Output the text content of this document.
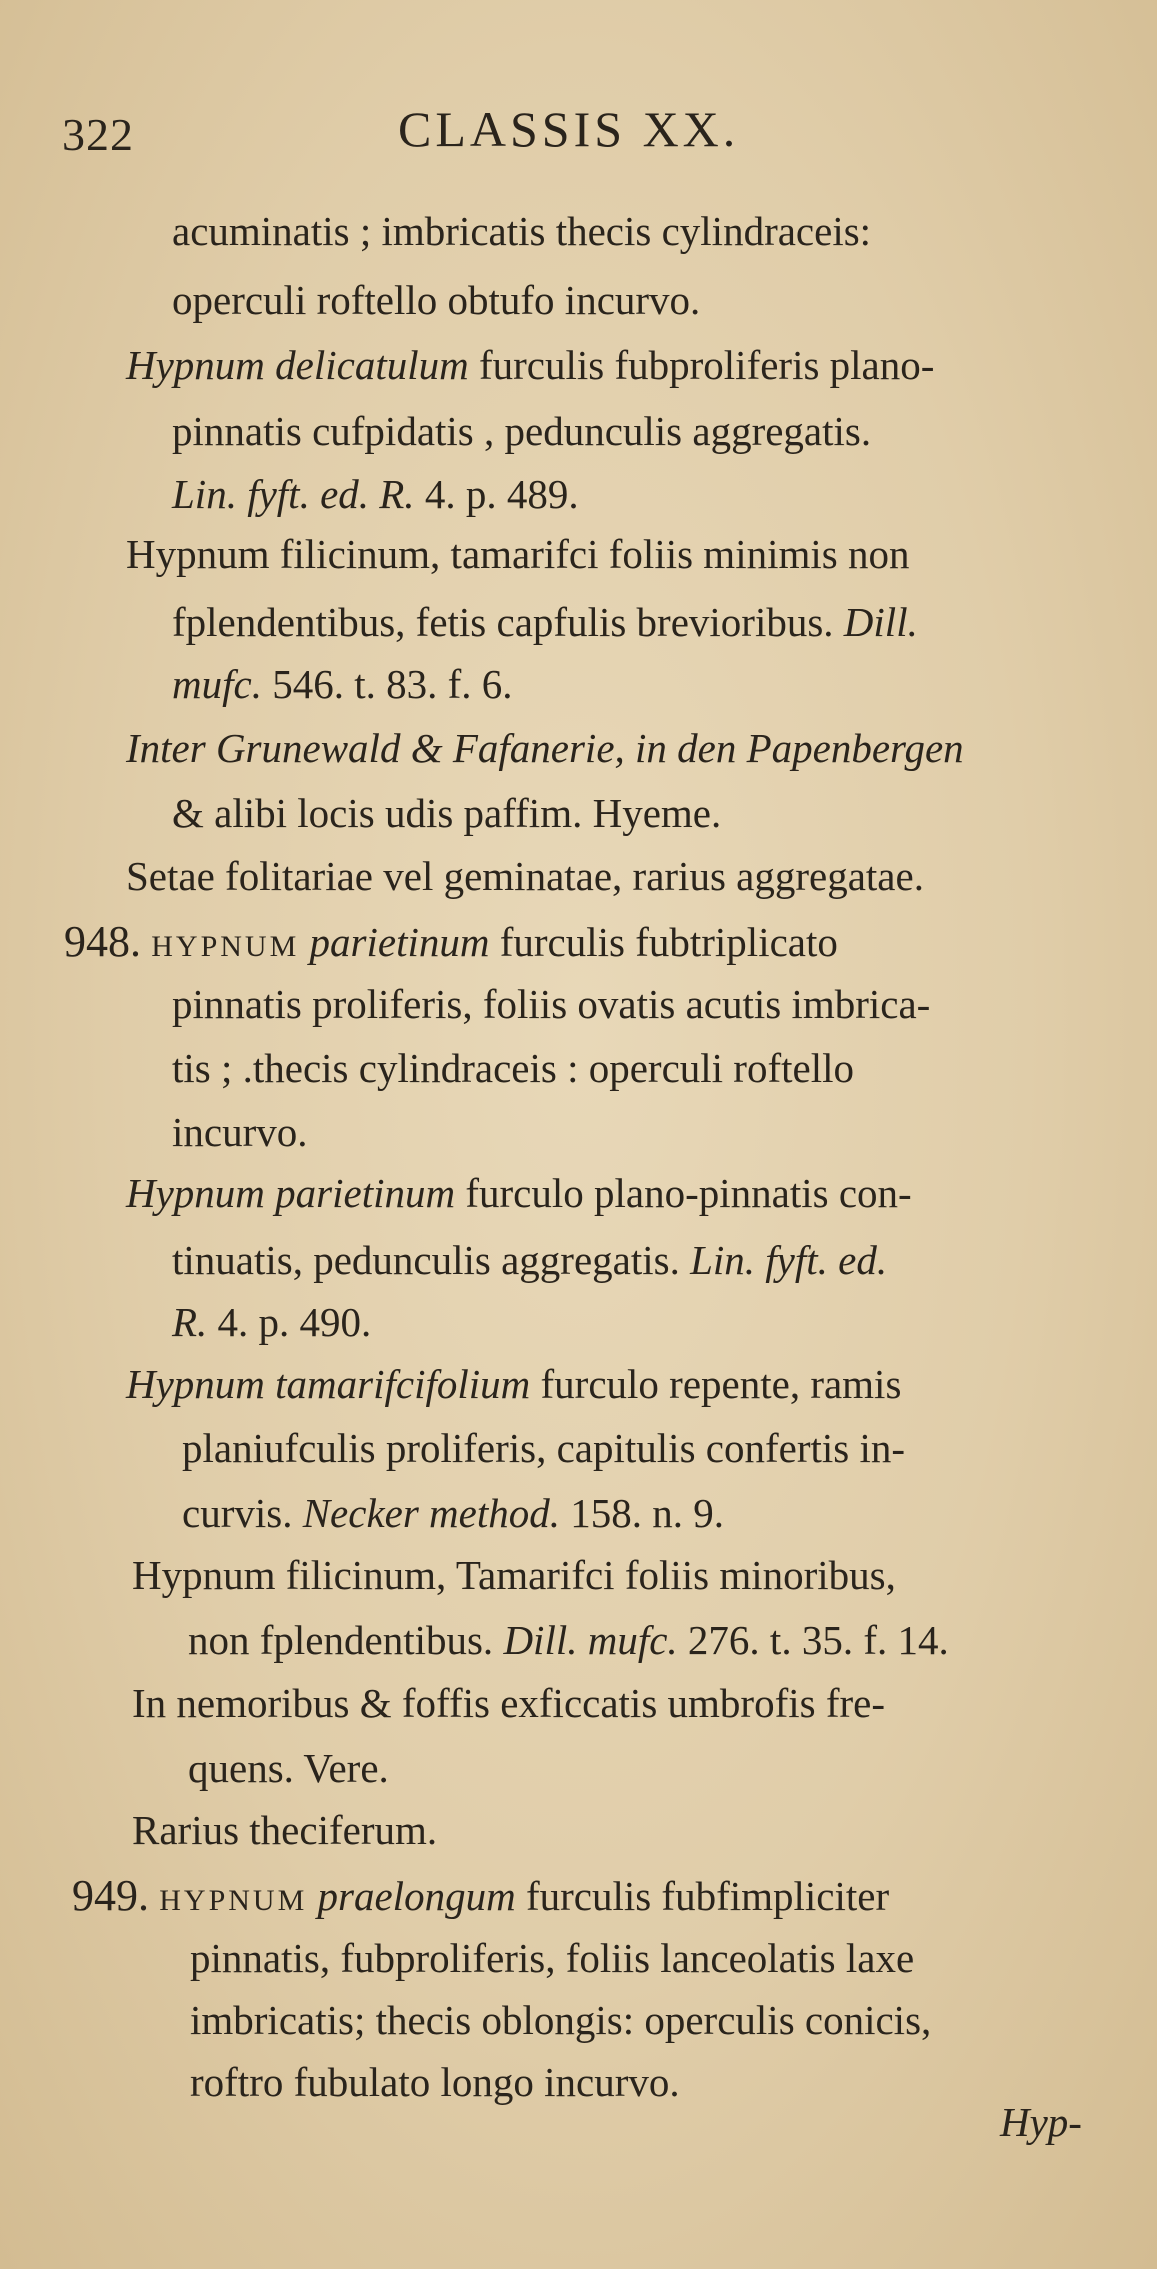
322	CLASSIS XX.
acuminatis ; imbricatis thecis cylindraceis:
operculi roftello obtufo incurvo.
Hypnum delicatulum furculis fubproliferis plano-
pinnatis cufpidatis , pedunculis aggregatis.
Lin. fyft. ed. R. 4. p. 489.
Hypnum filicinum, tamarifci foliis minimis non
fplendentibus, fetis capfulis brevioribus. Dill.
mufc. 546. t. 83. f. 6.
Inter Grunewald & Fafanerie, in den Papenbergen
& alibi locis udis paffim. Hyeme.
Setae folitariae vel geminatae, rarius aggregatae.
948. HYPNUM parietinum furculis fubtriplicato
pinnatis proliferis, foliis ovatis acutis imbrica-
tis ; .thecis cylindraceis : operculi roftello
incurvo.
Hypnum parietinum furculo plano-pinnatis con-
tinuatis, pedunculis aggregatis. Lin. fyft. ed.
R. 4. p. 490.
Hypnum tamarifcifolium furculo repente, ramis
planiufculis proliferis, capitulis confertis in-
curvis. Necker method. 158. n. 9.
Hypnum filicinum, Tamarifci foliis minoribus,
non fplendentibus. Dill. mufc. 276. t. 35. f. 14.
In nemoribus & foffis exficcatis umbrofis fre-
quens. Vere.
Rarius theciferum.
949. HYPNUM praelongum furculis fubfimpliciter
pinnatis, fubproliferis, foliis lanceolatis laxe
imbricatis; thecis oblongis: operculis conicis,
roftro fubulato longo incurvo.
Hyp-
